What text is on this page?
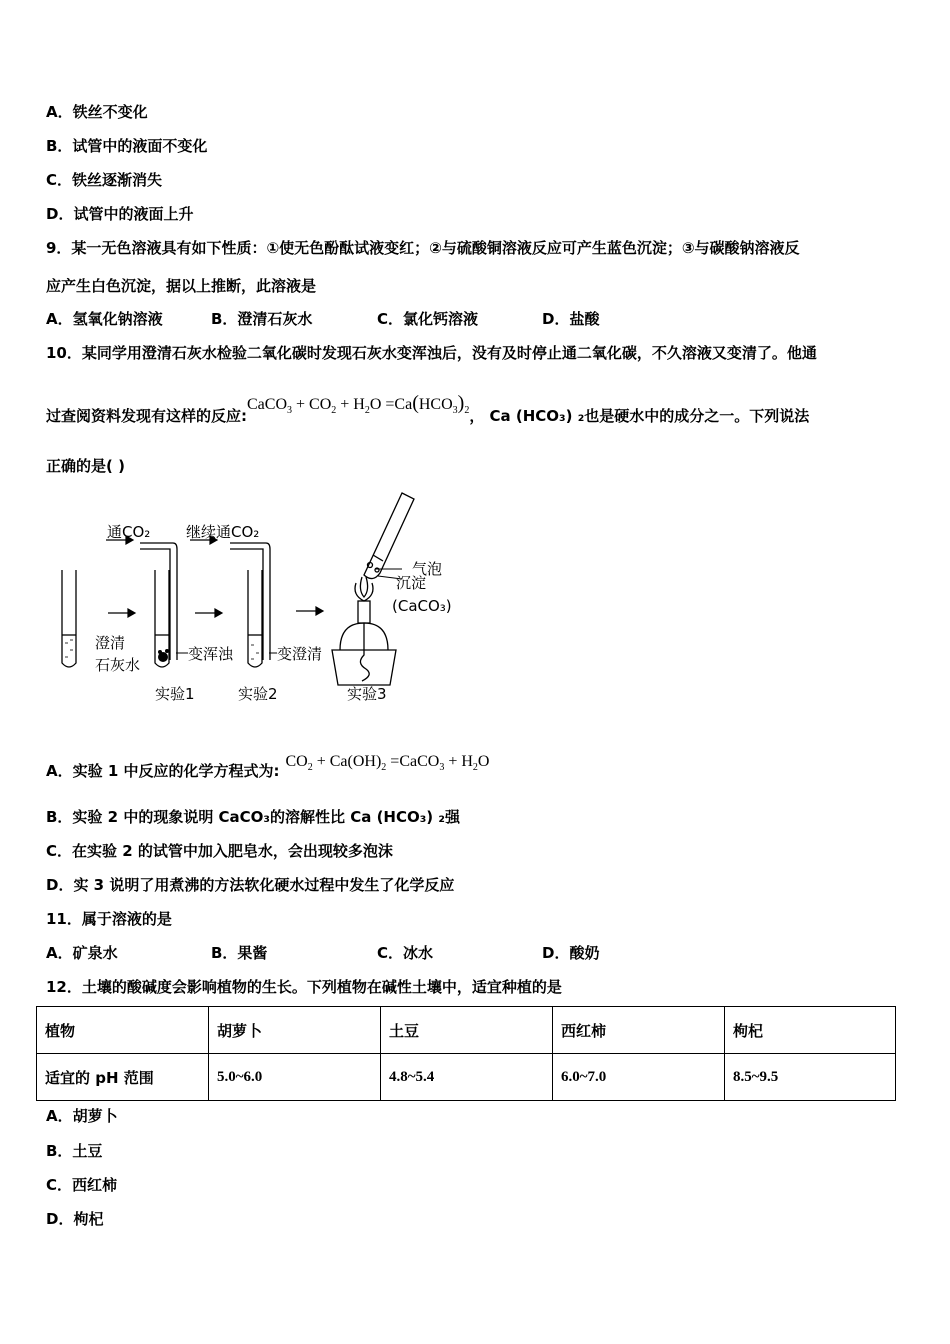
A．铁丝不变化
B．试管中的液面不变化
C．铁丝逐渐消失
D．试管中的液面上升
9．某一无色溶液具有如下性质：①使无色酚酞试液变红；②与硫酸铜溶液反应可产生蓝色沉淀；③与碳酸钠溶液反
应产生白色沉淀，据以上推断，此溶液是
A．氢氧化钠溶液	B．澄清石灰水	C．氯化钙溶液	D．盐酸
10．某同学用澄清石灰水检验二氧化碳时发现石灰水变浑浊后，没有及时停止通二氧化碳，不久溶液又变清了。他通
过查阅资料发现有这样的反应:CaCO$_3$ + $CO_2 + H_2O =Ca(HCO_3)_2$， Ca (HCO₃) ₂也是硬水中的成分之一。下列说法
正确的是( )
通CO₂
澄清
石灰水
变浑浊
继续通CO₂
变澄清
气泡
沉淀
(CaCO₃)
实验1	实验2	实验3
A．实验 1 中反应的化学方程式为$:CO_2 + Ca(OH)_2$ =CaCO$_3$ + $H_2O$
B．实验 2 中的现象说明 CaCO₃的溶解性比 Ca (HCO₃) ₂强
C．在实验 2 的试管中加入肥皂水，会出现较多泡沫
D．实 3 说明了用煮沸的方法软化硬水过程中发生了化学反应
11．属于溶液的是
A．矿泉水	B．果酱	C．冰水	D．酸奶
12．土壤的酸碱度会影响植物的生长。下列植物在碱性土壤中，适宜种植的是
植物	胡萝卜	土豆	西红柿	枸杞
适宜的 pH 范围	5.0~6.0	4.8~5.4	6.0~7.0	8.5~9.5
A．胡萝卜
B．土豆
C．西红柿
D．枸杞
